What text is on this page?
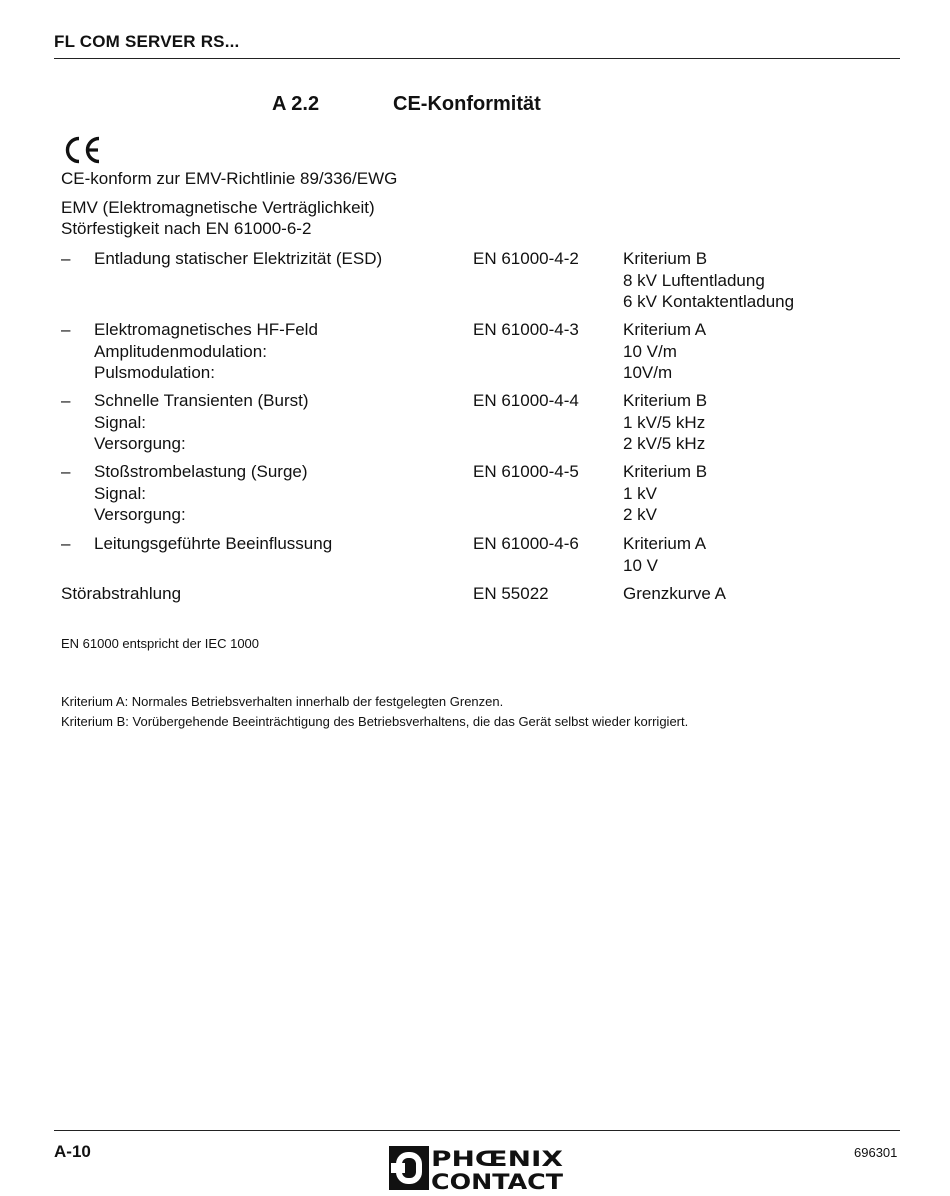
FL COM SERVER RS...
A 2.2	CE-Konformität
CE-konform zur EMV-Richtlinie 89/336/EWG
EMV (Elektromagnetische Verträglichkeit)
Störfestigkeit nach EN 61000-6-2
– Entladung statischer Elektrizität (ESD)	EN 61000-4-2	Kriterium B
8 kV Luftentladung
6 kV Kontaktentladung
– Elektromagnetisches HF-Feld
Amplitudenmodulation:
Pulsmodulation:
EN 61000-4-3	Kriterium A
10 V/m
10V/m
– Schnelle Transienten (Burst)
Signal:
Versorgung:
EN 61000-4-4	Kriterium B
1 kV/5 kHz
2 kV/5 kHz
– Stoßstrombelastung (Surge)
Signal:
Versorgung:
EN 61000-4-5	Kriterium B
1 kV
2 kV
– Leitungsgeführte Beeinflussung	EN 61000-4-6	Kriterium A
10 V
Störabstrahlung	EN 55022	Grenzkurve A
EN 61000 entspricht der IEC 1000
Kriterium A: Normales Betriebsverhalten innerhalb der festgelegten Grenzen.
Kriterium B: Vorübergehende Beeinträchtigung des Betriebsverhaltens, die das Gerät selbst wieder korrigiert.
A-10	696301
PHŒNIX
CONTACT
